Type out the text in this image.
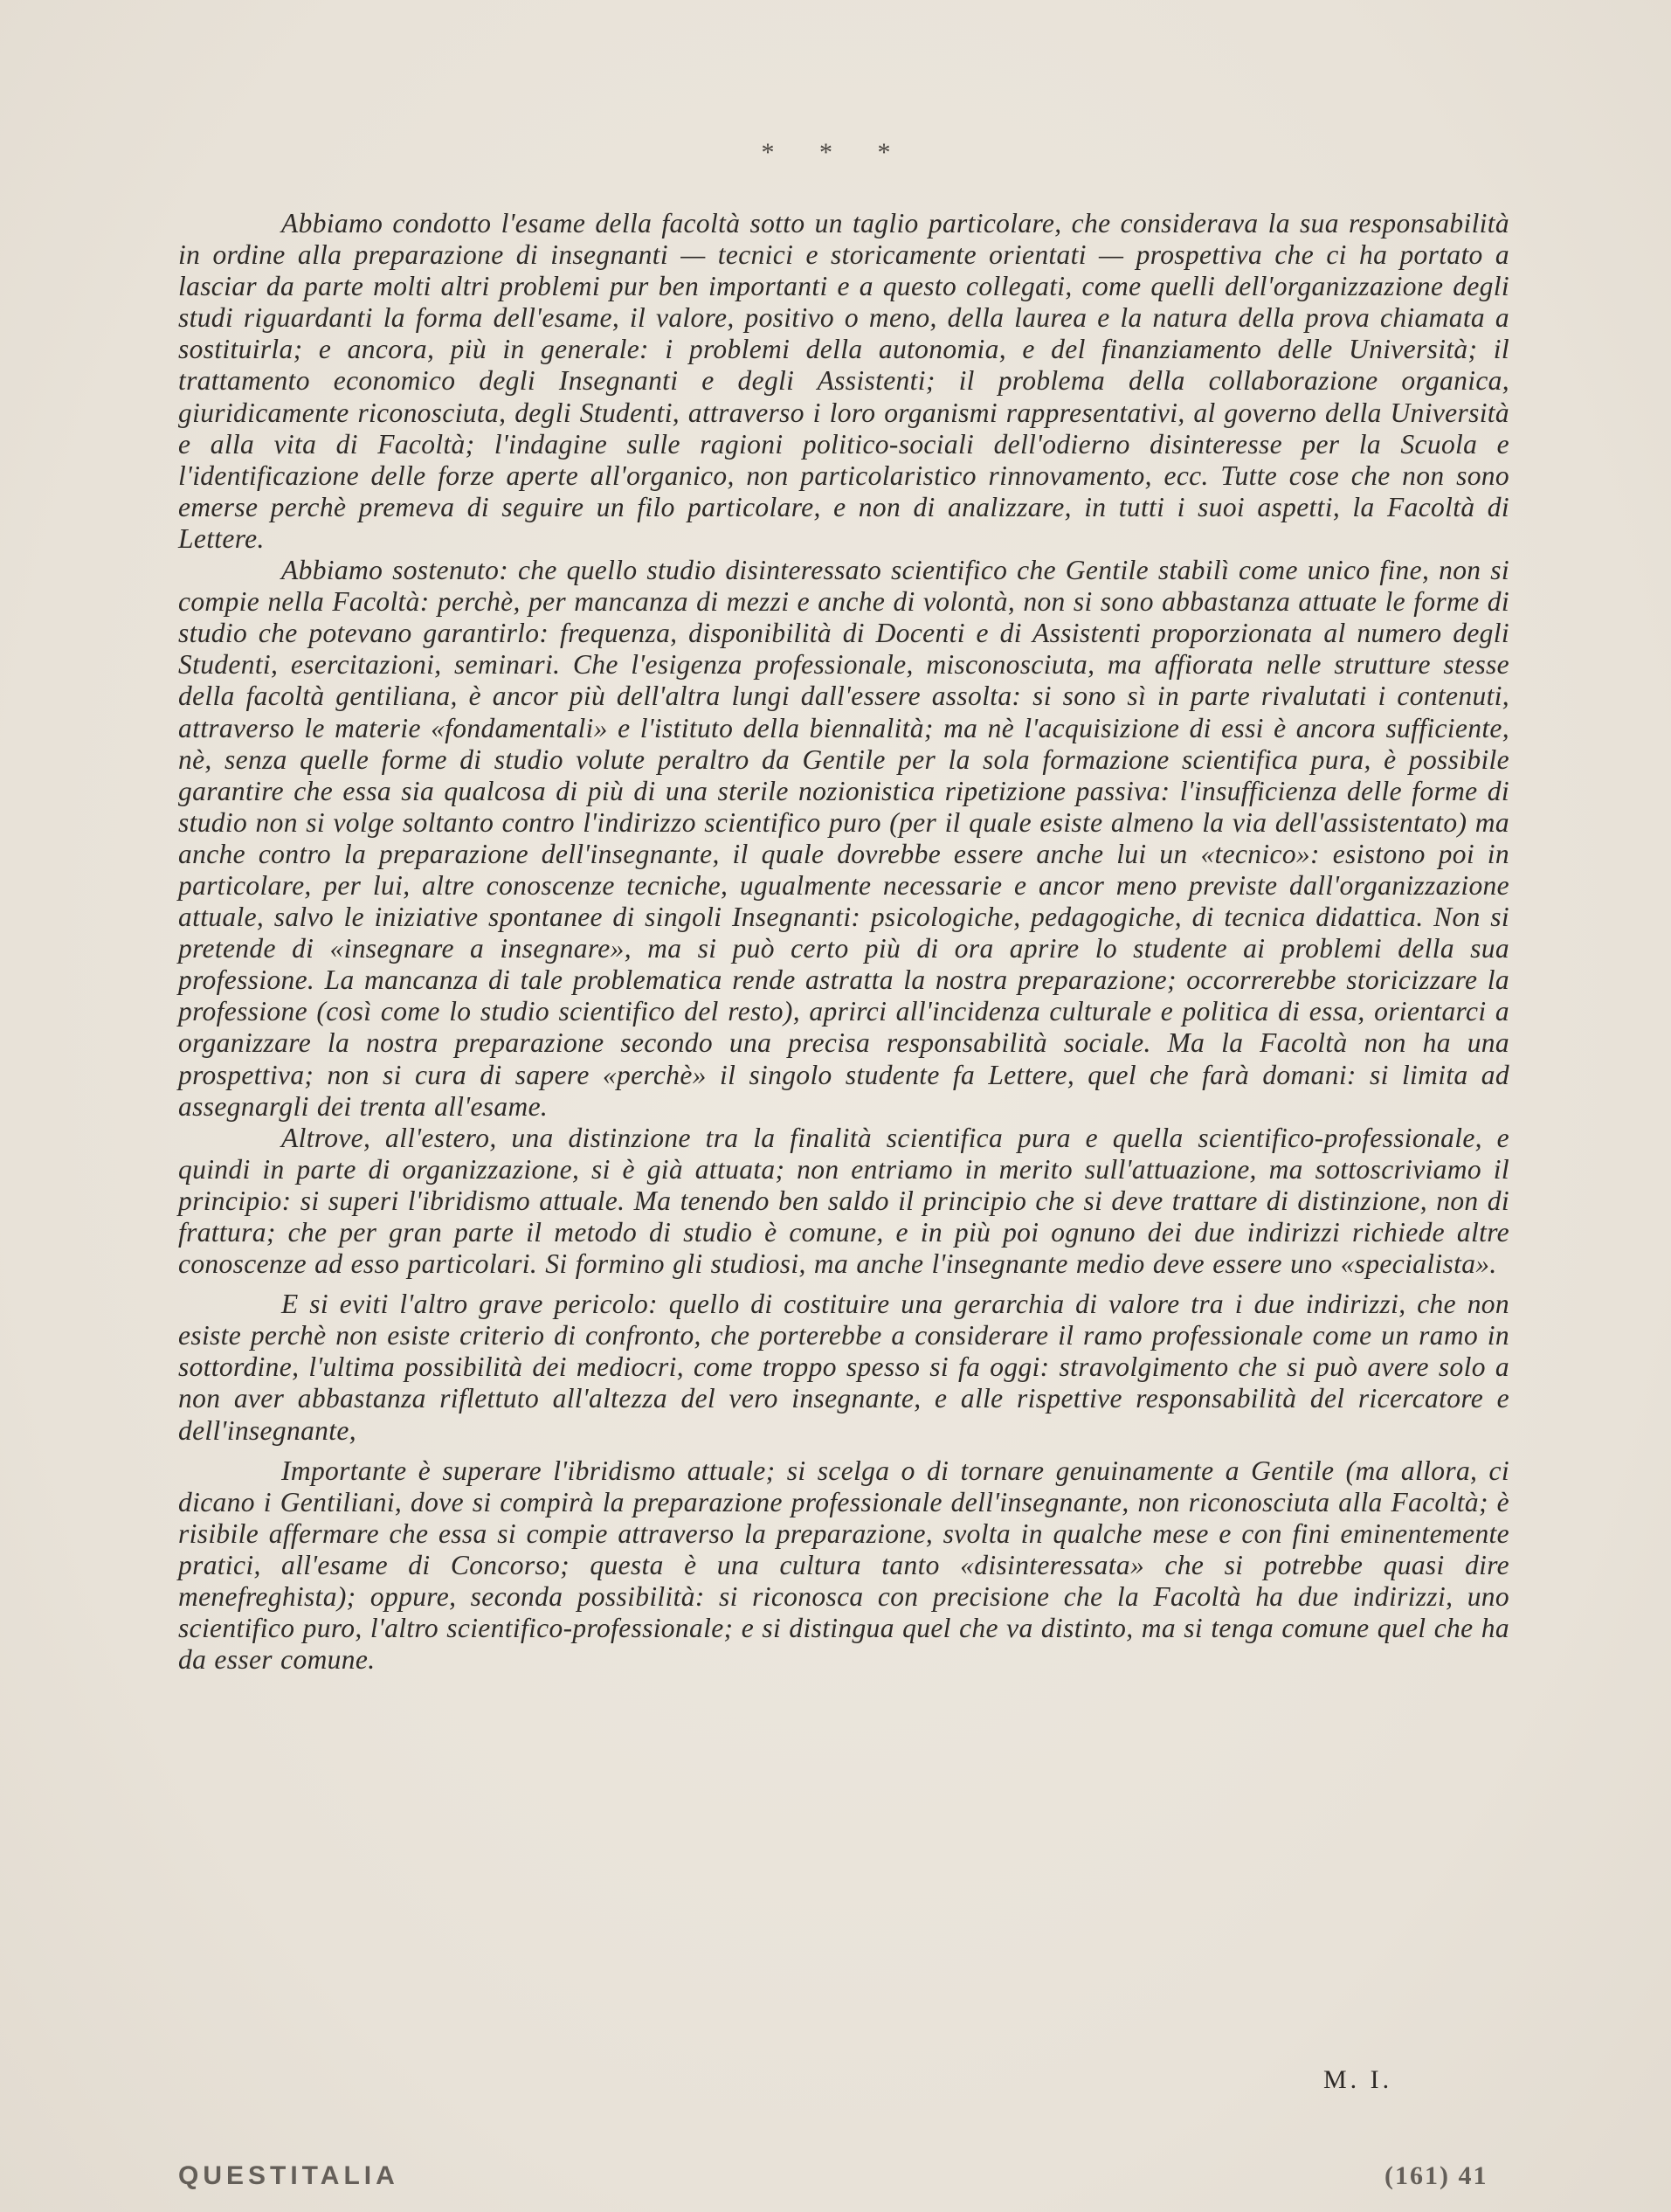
* * *

Abbiamo condotto l'esame della facoltà sotto un taglio particolare, che considerava la sua responsabilità in ordine alla preparazione di insegnanti — tecnici e storicamente orientati — prospettiva che ci ha portato a lasciar da parte molti altri problemi pur ben importanti e a questo collegati, come quelli dell'organizzazione degli studi riguardanti la forma dell'esame, il valore, positivo o meno, della laurea e la natura della prova chiamata a sostituirla; e ancora, più in generale: i problemi della autonomia, e del finanziamento delle Università; il trattamento economico degli Insegnanti e degli Assistenti; il problema della collaborazione organica, giuridicamente riconosciuta, degli Studenti, attraverso i loro organismi rappresentativi, al governo della Università e alla vita di Facoltà; l'indagine sulle ragioni politico-sociali dell'odierno disinteresse per la Scuola e l'identificazione delle forze aperte all'organico, non particolaristico rinnovamento, ecc. Tutte cose che non sono emerse perchè premeva di seguire un filo particolare, e non di analizzare, in tutti i suoi aspetti, la Facoltà di Lettere.

Abbiamo sostenuto: che quello studio disinteressato scientifico che Gentile stabilì come unico fine, non si compie nella Facoltà: perchè, per mancanza di mezzi e anche di volontà, non si sono abbastanza attuate le forme di studio che potevano garantirlo: frequenza, disponibilità di Docenti e di Assistenti proporzionata al numero degli Studenti, esercitazioni, seminari. Che l'esigenza professionale, misconosciuta, ma affiorata nelle strutture stesse della facoltà gentiliana, è ancor più dell'altra lungi dall'essere assolta: si sono sì in parte rivalutati i contenuti, attraverso le materie «fondamentali» e l'istituto della biennalità; ma nè l'acquisizione di essi è ancora sufficiente, nè, senza quelle forme di studio volute peraltro da Gentile per la sola formazione scientifica pura, è possibile garantire che essa sia qualcosa di più di una sterile nozionistica ripetizione passiva: l'insufficienza delle forme di studio non si volge soltanto contro l'indirizzo scientifico puro (per il quale esiste almeno la via dell'assistentato) ma anche contro la preparazione dell'insegnante, il quale dovrebbe essere anche lui un «tecnico»: esistono poi in particolare, per lui, altre conoscenze tecniche, ugualmente necessarie e ancor meno previste dall'organizzazione attuale, salvo le iniziative spontanee di singoli Insegnanti: psicologiche, pedagogiche, di tecnica didattica. Non si pretende di «insegnare a insegnare», ma si può certo più di ora aprire lo studente ai problemi della sua professione. La mancanza di tale problematica rende astratta la nostra preparazione; occorrerebbe storicizzare la professione (così come lo studio scientifico del resto), aprirci all'incidenza culturale e politica di essa, orientarci a organizzare la nostra preparazione secondo una precisa responsabilità sociale. Ma la Facoltà non ha una prospettiva; non si cura di sapere «perchè» il singolo studente fa Lettere, quel che farà domani: si limita ad assegnargli dei trenta all'esame.

Altrove, all'estero, una distinzione tra la finalità scientifica pura e quella scientifico-professionale, e quindi in parte di organizzazione, si è già attuata; non entriamo in merito sull'attuazione, ma sottoscriviamo il principio: si superi l'ibridismo attuale. Ma tenendo ben saldo il principio che si deve trattare di distinzione, non di frattura; che per gran parte il metodo di studio è comune, e in più poi ognuno dei due indirizzi richiede altre conoscenze ad esso particolari. Si formino gli studiosi, ma anche l'insegnante medio deve essere uno «specialista».

E si eviti l'altro grave pericolo: quello di costituire una gerarchia di valore tra i due indirizzi, che non esiste perchè non esiste criterio di confronto, che porterebbe a considerare il ramo professionale come un ramo in sottordine, l'ultima possibilità dei mediocri, come troppo spesso si fa oggi: stravolgimento che si può avere solo a non aver abbastanza riflettuto all'altezza del vero insegnante, e alle rispettive responsabilità del ricercatore e dell'insegnante,

Importante è superare l'ibridismo attuale; si scelga o di tornare genuinamente a Gentile (ma allora, ci dicano i Gentiliani, dove si compirà la preparazione professionale dell'insegnante, non riconosciuta alla Facoltà; è risibile affermare che essa si compie attraverso la preparazione, svolta in qualche mese e con fini eminentemente pratici, all'esame di Concorso; questa è una cultura tanto «disinteressata» che si potrebbe quasi dire menefreghista); oppure, seconda possibilità: si riconosca con precisione che la Facoltà ha due indirizzi, uno scientifico puro, l'altro scientifico-professionale; e si distingua quel che va distinto, ma si tenga comune quel che ha da esser comune.

M. I.
QUESTITALIA	(161) 41
